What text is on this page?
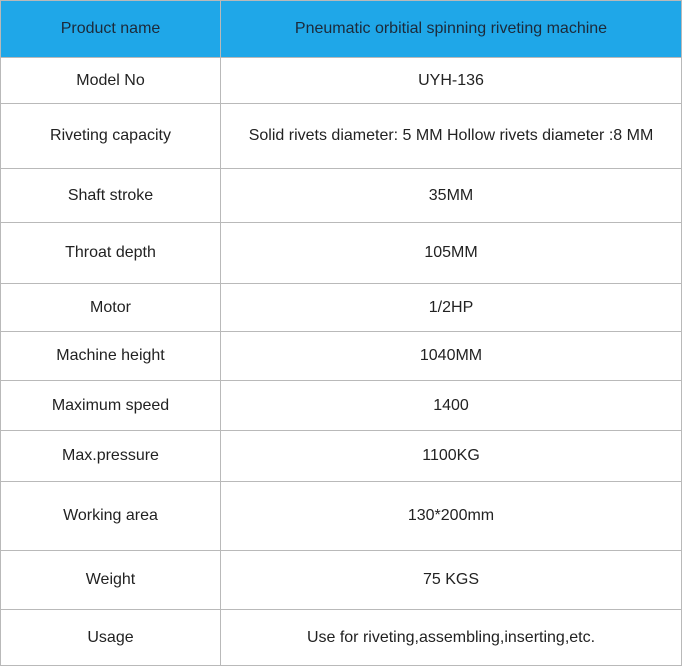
Product name	Pneumatic orbitial spinning riveting machine
Model No	UYH-136
Riveting capacity	Solid rivets diameter: 5 MM Hollow rivets diameter :8 MM
Shaft stroke	35MM
Throat depth	105MM
Motor	1/2HP
Machine height	1040MM
Maximum speed	1400
Max.pressure	1100KG
Working area	130*200mm
Weight	75 KGS
Usage	Use for riveting,assembling,inserting,etc.
